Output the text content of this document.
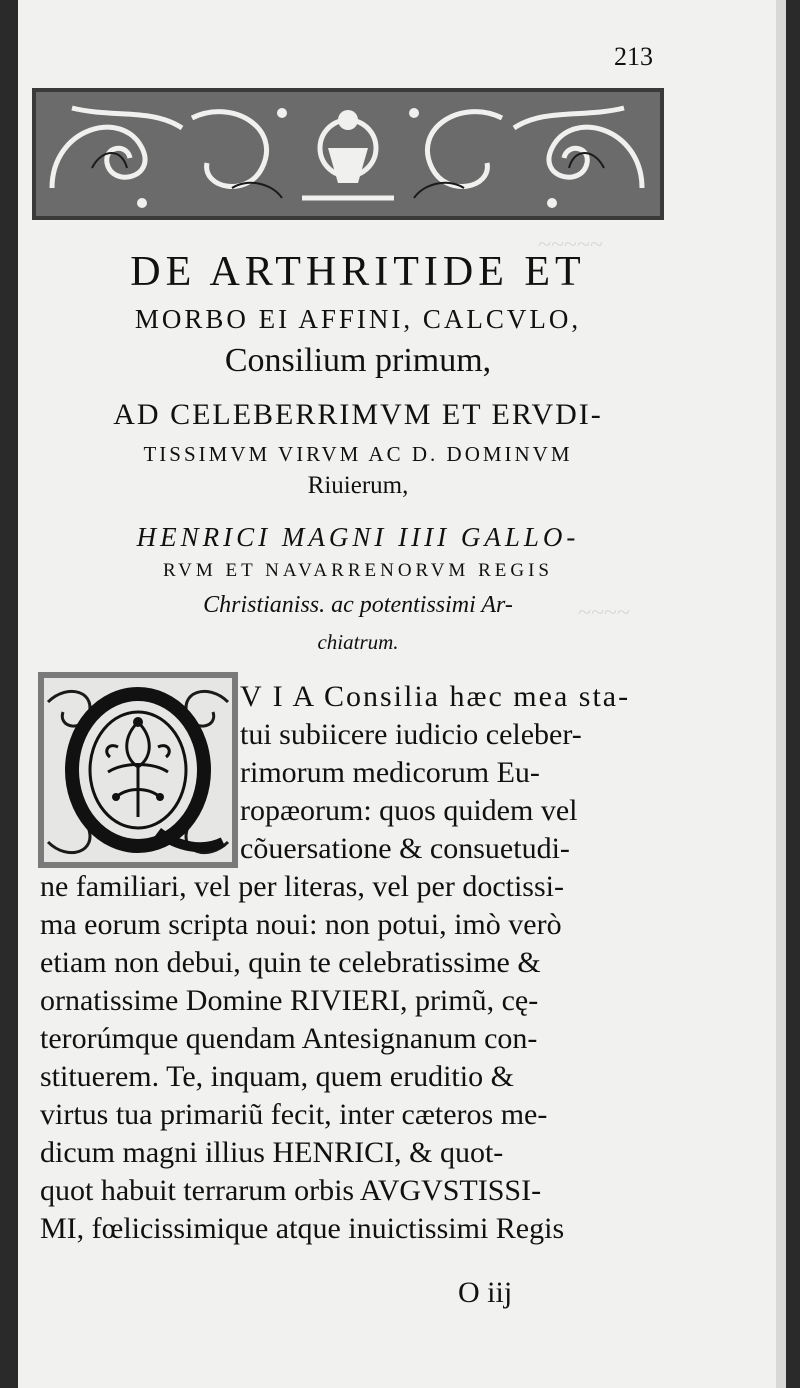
~~~~~
~~~~
213
DE ARTHRITIDE ET
MORBO EI AFFINI, CALCVLO,
Consilium primum,
AD CELEBERRIMVM ET ERVDI-
TISSIMVM VIRVM AC D. DOMINVM
Riuierum,
HENRICI MAGNI IIII GALLO-
RVM ET NAVARRENORVM REGIS
Christianiss. ac potentissimi Ar-
chiatrum.
V I A Consilia hæc mea sta-
tui subiicere iudicio celeber-
rimorum medicorum Eu-
ropæorum: quos quidem vel
cõuersatione & consuetudi-
ne familiari, vel per literas, vel per doctissi-
ma eorum scripta noui: non potui, imò verò
etiam non debui, quin te celebratissime &
ornatissime Domine RIVIERI, primũ, cę-
terorúmque quendam Antesignanum con-
stituerem. Te, inquam, quem eruditio &
virtus tua primariũ fecit, inter cæteros me-
dicum magni illius HENRICI, & quot-
quot habuit terrarum orbis AVGVSTISSI-
MI, fœlicissimique atque inuictissimi Regis
O iij
